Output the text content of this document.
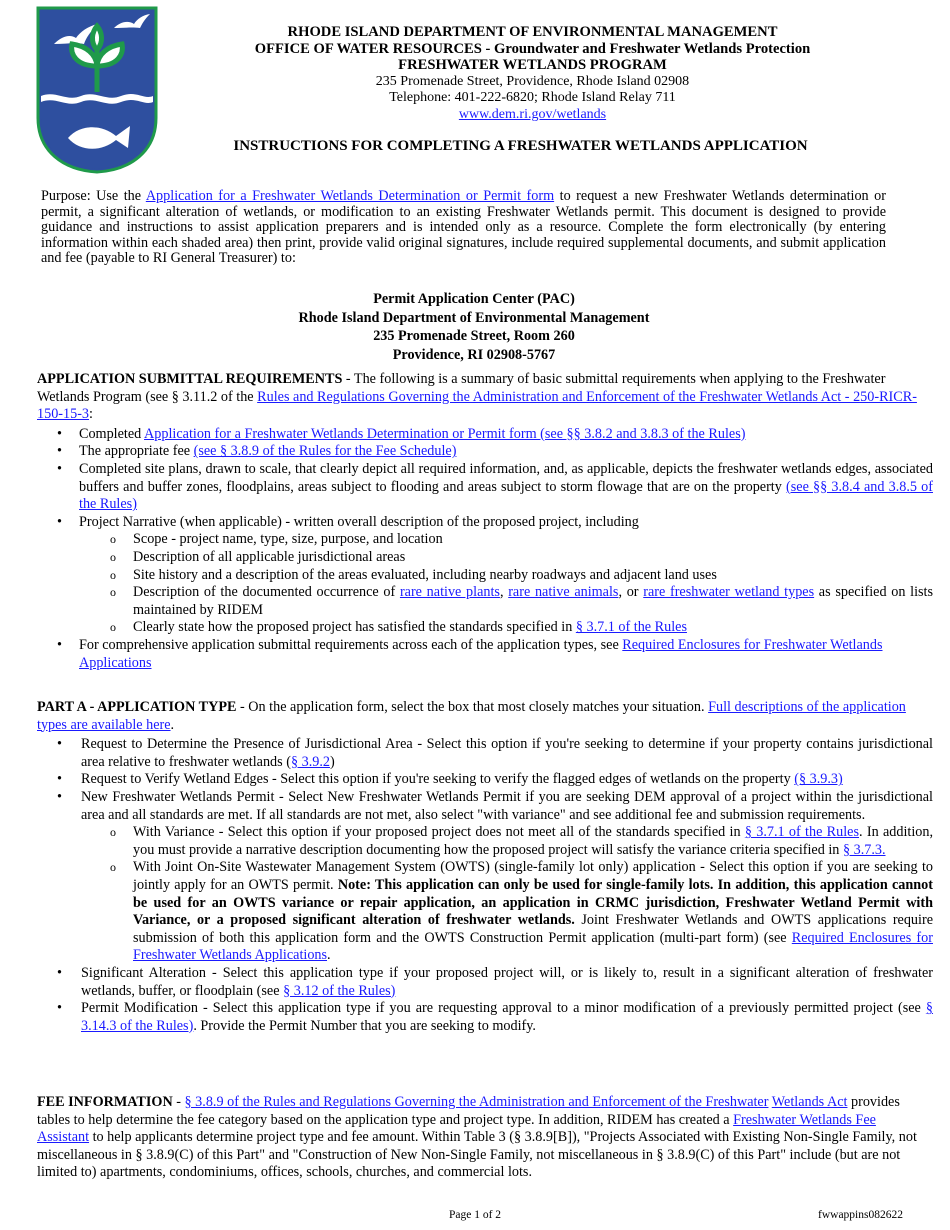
RHODE ISLAND DEPARTMENT OF ENVIRONMENTAL MANAGEMENT
OFFICE OF WATER RESOURCES - Groundwater and Freshwater Wetlands Protection
FRESHWATER WETLANDS PROGRAM
235 Promenade Street, Providence, Rhode Island 02908
Telephone: 401-222-6820; Rhode Island Relay 711
www.dem.ri.gov/wetlands
INSTRUCTIONS FOR COMPLETING A FRESHWATER WETLANDS APPLICATION
Purpose: Use the Application for a Freshwater Wetlands Determination or Permit form to request a new Freshwater Wetlands determination or permit, a significant alteration of wetlands, or modification to an existing Freshwater Wetlands permit. This document is designed to provide guidance and instructions to assist application preparers and is intended only as a resource. Complete the form electronically (by entering information within each shaded area) then print, provide valid original signatures, include required supplemental documents, and submit application and fee (payable to RI General Treasurer) to:
Permit Application Center (PAC)
Rhode Island Department of Environmental Management
235 Promenade Street, Room 260
Providence, RI 02908-5767
APPLICATION SUBMITTAL REQUIREMENTS - The following is a summary of basic submittal requirements when applying to the Freshwater Wetlands Program (see § 3.11.2 of the Rules and Regulations Governing the Administration and Enforcement of the Freshwater Wetlands Act - 250-RICR-150-15-3:
• Completed Application for a Freshwater Wetlands Determination or Permit form (see §§ 3.8.2 and 3.8.3 of the Rules)
• The appropriate fee (see § 3.8.9 of the Rules for the Fee Schedule)
• Completed site plans, drawn to scale, that clearly depict all required information, and, as applicable, depicts the freshwater wetlands edges, associated buffers and buffer zones, floodplains, areas subject to flooding and areas subject to storm flowage that are on the property (see §§ 3.8.4 and 3.8.5 of the Rules)
• Project Narrative (when applicable) - written overall description of the proposed project, including
o Scope - project name, type, size, purpose, and location
o Description of all applicable jurisdictional areas
o Site history and a description of the areas evaluated, including nearby roadways and adjacent land uses
o Description of the documented occurrence of rare native plants, rare native animals, or rare freshwater wetland types as specified on lists maintained by RIDEM
o Clearly state how the proposed project has satisfied the standards specified in § 3.7.1 of the Rules
• For comprehensive application submittal requirements across each of the application types, see Required Enclosures for Freshwater Wetlands Applications
PART A - APPLICATION TYPE - On the application form, select the box that most closely matches your situation. Full descriptions of the application types are available here.
• Request to Determine the Presence of Jurisdictional Area - Select this option if you're seeking to determine if your property contains jurisdictional area relative to freshwater wetlands (§ 3.9.2)
• Request to Verify Wetland Edges - Select this option if you're seeking to verify the flagged edges of wetlands on the property (§ 3.9.3)
• New Freshwater Wetlands Permit - Select New Freshwater Wetlands Permit if you are seeking DEM approval of a project within the jurisdictional area and all standards are met. If all standards are not met, also select "with variance" and see additional fee and submission requirements.
o With Variance - Select this option if your proposed project does not meet all of the standards specified in § 3.7.1 of the Rules. In addition, you must provide a narrative description documenting how the proposed project will satisfy the variance criteria specified in § 3.7.3.
o With Joint On-Site Wastewater Management System (OWTS) (single-family lot only) application - Select this option if you are seeking to jointly apply for an OWTS permit. Note: This application can only be used for single-family lots. In addition, this application cannot be used for an OWTS variance or repair application, an application in CRMC jurisdiction, Freshwater Wetland Permit with Variance, or a proposed significant alteration of freshwater wetlands. Joint Freshwater Wetlands and OWTS applications require submission of both this application form and the OWTS Construction Permit application (multi-part form) (see Required Enclosures for Freshwater Wetlands Applications.
• Significant Alteration - Select this application type if your proposed project will, or is likely to, result in a significant alteration of freshwater wetlands, buffer, or floodplain (see § 3.12 of the Rules)
• Permit Modification - Select this application type if you are requesting approval to a minor modification of a previously permitted project (see § 3.14.3 of the Rules). Provide the Permit Number that you are seeking to modify.
FEE INFORMATION - § 3.8.9 of the Rules and Regulations Governing the Administration and Enforcement of the Freshwater Wetlands Act provides tables to help determine the fee category based on the application type and project type. In addition, RIDEM has created a Freshwater Wetlands Fee Assistant to help applicants determine project type and fee amount. Within Table 3 (§ 3.8.9[B]), "Projects Associated with Existing Non-Single Family, not miscellaneous in § 3.8.9(C) of this Part" and "Construction of New Non-Single Family, not miscellaneous in § 3.8.9(C) of this Part" include (but are not limited to) apartments, condominiums, offices, schools, churches, and commercial lots.
Page 1 of 2	fwwappins082622
